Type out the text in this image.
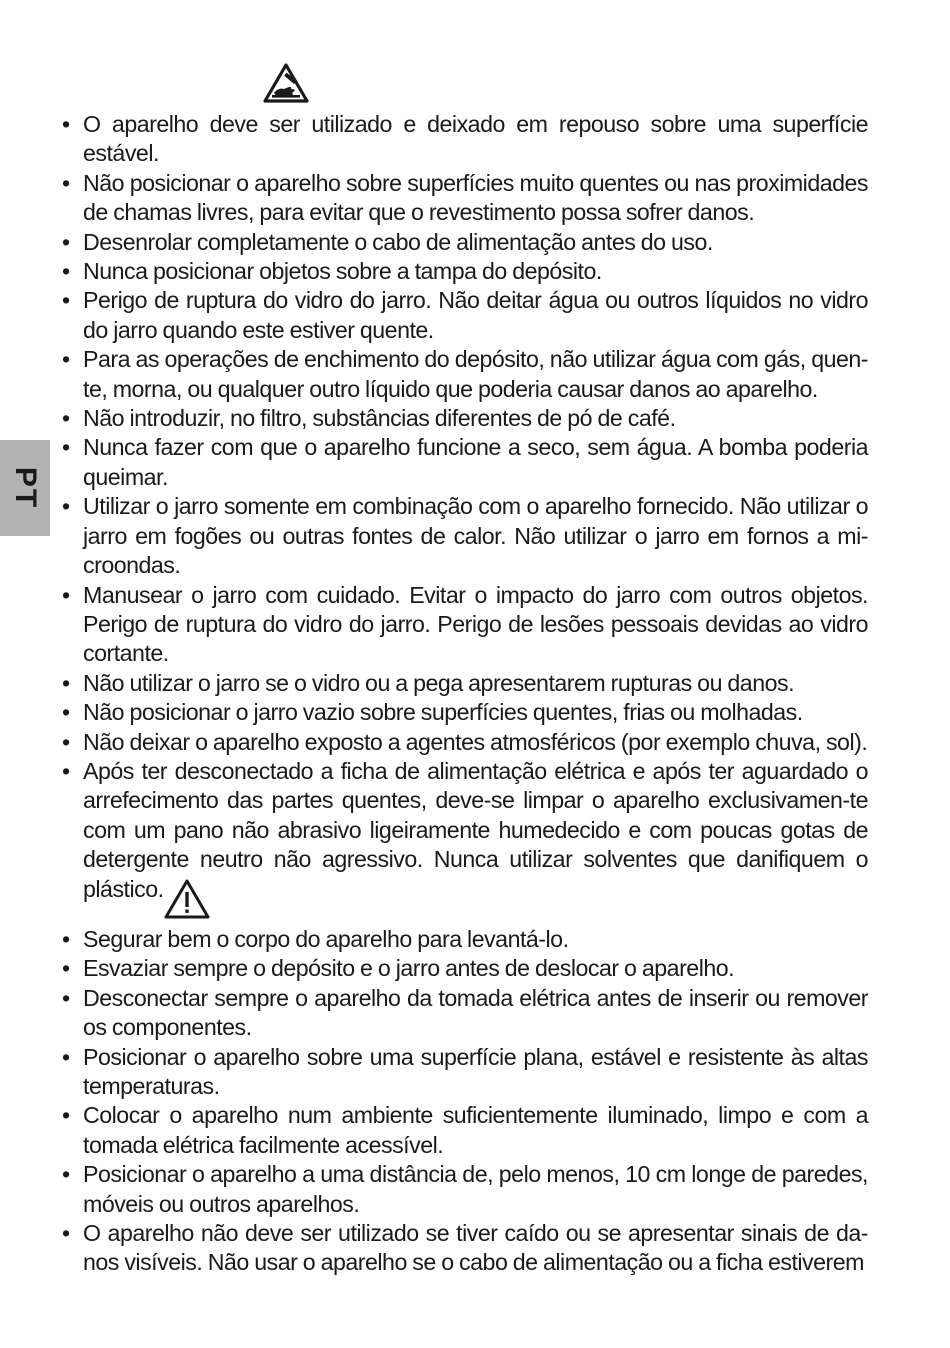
PT
• O aparelho deve ser utilizado e deixado em repouso sobre uma superfície estável.
• Não posicionar o aparelho sobre superfícies muito quentes ou nas proximidades de chamas livres, para evitar que o revestimento possa sofrer danos.
• Desenrolar completamente o cabo de alimentação antes do uso.
• Nunca posicionar objetos sobre a tampa do depósito.
• Perigo de ruptura do vidro do jarro. Não deitar água ou outros líquidos no vidro do jarro quando este estiver quente.
• Para as operações de enchimento do depósito, não utilizar água com gás, quen-te, morna, ou qualquer outro líquido que poderia causar danos ao aparelho.
• Não introduzir, no filtro, substâncias diferentes de pó de café.
• Nunca fazer com que o aparelho funcione a seco, sem água. A bomba poderia queimar.
• Utilizar o jarro somente em combinação com o aparelho fornecido. Não utilizar o jarro em fogões ou outras fontes de calor. Não utilizar o jarro em fornos a mi-croondas.
• Manusear o jarro com cuidado. Evitar o impacto do jarro com outros objetos. Perigo de ruptura do vidro do jarro. Perigo de lesões pessoais devidas ao vidro cortante.
• Não utilizar o jarro se o vidro ou a pega apresentarem rupturas ou danos.
• Não posicionar o jarro vazio sobre superfícies quentes, frias ou molhadas.
• Não deixar o aparelho exposto a agentes atmosféricos (por exemplo chuva, sol).
• Após ter desconectado a ficha de alimentação elétrica e após ter aguardado o arrefecimento das partes quentes, deve-se limpar o aparelho exclusivamen-te com um pano não abrasivo ligeiramente humedecido e com poucas gotas de detergente neutro não agressivo. Nunca utilizar solventes que danifiquem o plástico.
• Segurar bem o corpo do aparelho para levantá-lo.
• Esvaziar sempre o depósito e o jarro antes de deslocar o aparelho.
• Desconectar sempre o aparelho da tomada elétrica antes de inserir ou remover os componentes.
• Posicionar o aparelho sobre uma superfície plana, estável e resistente às altas temperaturas.
• Colocar o aparelho num ambiente suficientemente iluminado, limpo e com a tomada elétrica facilmente acessível.
• Posicionar o aparelho a uma distância de, pelo menos, 10 cm longe de paredes, móveis ou outros aparelhos.
• O aparelho não deve ser utilizado se tiver caído ou se apresentar sinais de da-nos visíveis. Não usar o aparelho se o cabo de alimentação ou a ficha estiverem
